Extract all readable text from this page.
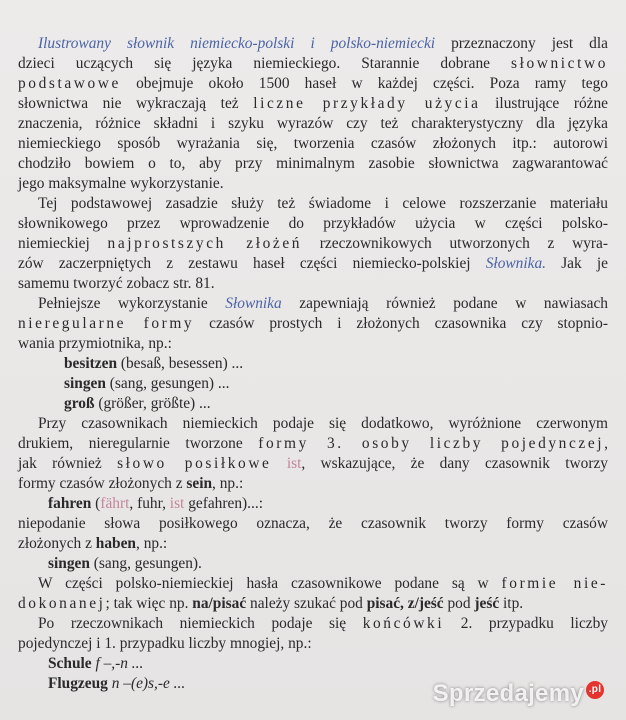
Ilustrowany słownik niemiecko-polski i polsko-niemiecki przeznaczony jest dla
dzieci uczących się języka niemieckiego. Starannie dobrane słownictwo
podstawowe obejmuje około 1500 haseł w każdej części. Poza ramy tego
słownictwa nie wykraczają też liczne przykłady użycia ilustrujące różne
znaczenia, różnice składni i szyku wyrazów czy też charakterystyczny dla języka
niemieckiego sposób wyrażania się, tworzenia czasów złożonych itp.: autorowi
chodziło bowiem o to, aby przy minimalnym zasobie słownictwa zagwarantować
jego maksymalne wykorzystanie.
Tej podstawowej zasadzie służy też świadome i celowe rozszerzanie materiału
słownikowego przez wprowadzenie do przykładów użycia w części polsko-
niemieckiej najprostszych złożeń rzeczownikowych utworzonych z wyra-
zów zaczerpniętych z zestawu haseł części niemiecko-polskiej Słownika. Jak je
samemu tworzyć zobacz str. 81.
Pełniejsze wykorzystanie Słownika zapewniają również podane w nawiasach
nieregularne formy czasów prostych i złożonych czasownika czy stopnio-
wania przymiotnika, np.:
besitzen (besaß, besessen) ...
singen (sang, gesungen) ...
groß (größer, größte) ...
Przy czasownikach niemieckich podaje się dodatkowo, wyróżnione czerwonym
drukiem, nieregularnie tworzone formy 3. osoby liczby pojedynczej,
jak również słowo posiłkowe ist, wskazujące, że dany czasownik tworzy
formy czasów złożonych z sein, np.:
fahren (fährt, fuhr, ist gefahren)...:
niepodanie słowa posiłkowego oznacza, że czasownik tworzy formy czasów
złożonych z haben, np.:
singen (sang, gesungen).
W części polsko-niemieckiej hasła czasownikowe podane są w formie nie-
dokonanej; tak więc np. na/pisać należy szukać pod pisać, z/jeść pod jeść itp.
Po rzeczownikach niemieckich podaje się końcówki 2. przypadku liczby
pojedynczej i 1. przypadku liczby mnogiej, np.:
Schule f –,-n ...
Flugzeug n –(e)s,-e ...	Sprzedajemy .pl
